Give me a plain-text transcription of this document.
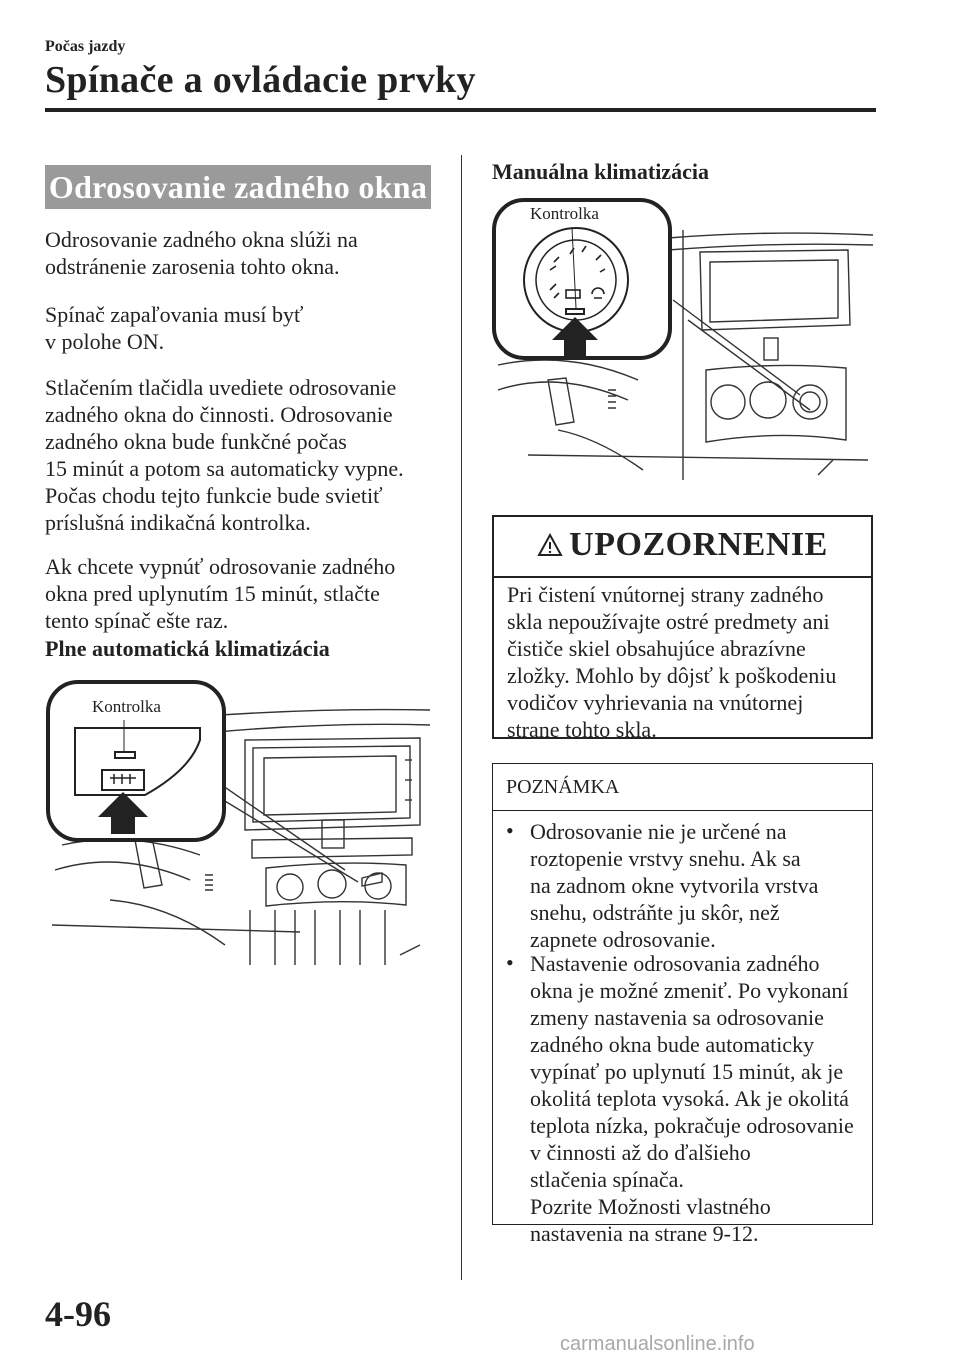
Počas jazdy
Spínače a ovládacie prvky
Odrosovanie zadného okna
Odrosovanie zadného okna slúži na
odstránenie zarosenia tohto okna.
Spínač zapaľovania musí byť
v polohe ON.
Stlačením tlačidla uvediete odrosovanie
zadného okna do činnosti. Odrosovanie
zadného okna bude funkčné počas
15 minút a potom sa automaticky vypne.
Počas chodu tejto funkcie bude svietiť
príslušná indikačná kontrolka.
Ak chcete vypnúť odrosovanie zadného
okna pred uplynutím 15 minút, stlačte
tento spínač ešte raz.
Plne automatická klimatizácia
Kontrolka
Manuálna klimatizácia
Kontrolka
UPOZORNENIE
Pri čistení vnútornej strany zadného
skla nepoužívajte ostré predmety ani
čističe skiel obsahujúce abrazívne
zložky. Mohlo by dôjsť k poškodeniu
vodičov vyhrievania na vnútornej
strane tohto skla.
POZNÁMKA
• Odrosovanie nie je určené na
roztopenie vrstvy snehu. Ak sa
na zadnom okne vytvorila vrstva
snehu, odstráňte ju skôr, než
zapnete odrosovanie.
• Nastavenie odrosovania zadného
okna je možné zmeniť. Po vykonaní
zmeny nastavenia sa odrosovanie
zadného okna bude automaticky
vypínať po uplynutí 15 minút, ak je
okolitá teplota vysoká. Ak je okolitá
teplota nízka, pokračuje odrosovanie
v činnosti až do ďalšieho
stlačenia spínača.
Pozrite Možnosti vlastného
nastavenia na strane 9-12.
4-96
carmanualsonline.info
